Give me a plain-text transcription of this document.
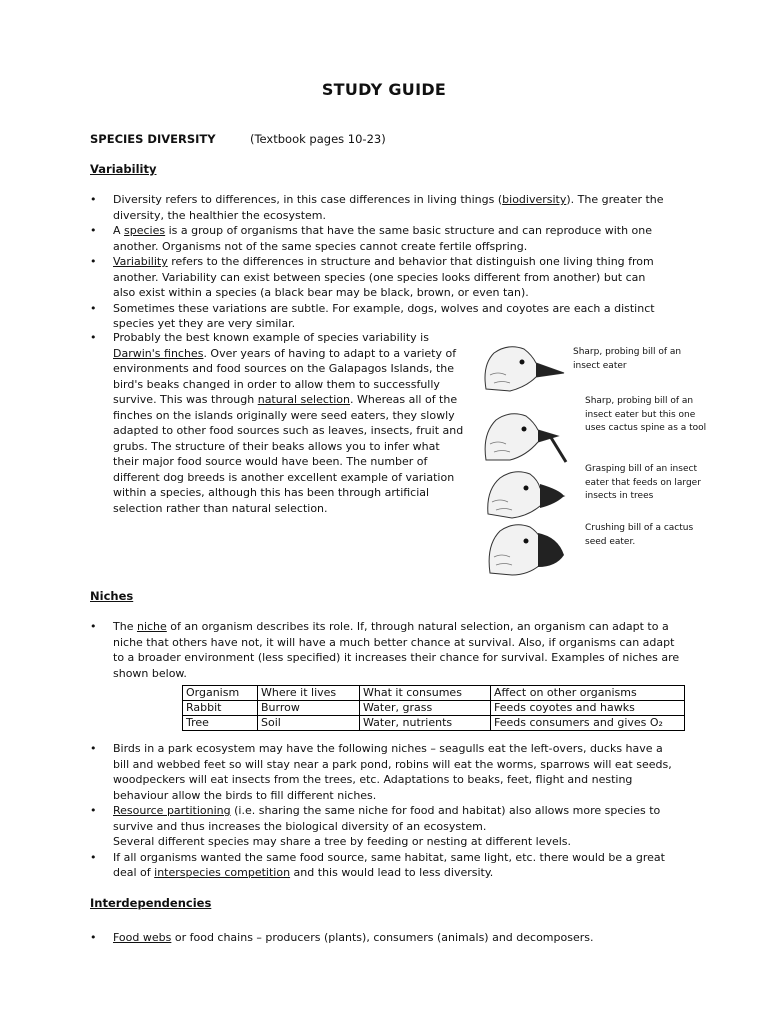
STUDY GUIDE
SPECIES DIVERSITY	(Textbook pages 10-23)
Variability
• Diversity refers to differences, in this case differences in living things (biodiversity). The greater the diversity, the healthier the ecosystem.
• A species is a group of organisms that have the same basic structure and can reproduce with one another. Organisms not of the same species cannot create fertile offspring.
• Variability refers to the differences in structure and behavior that distinguish one living thing from another. Variability can exist between species (one species looks different from another) but can also exist within a species (a black bear may be black, brown, or even tan).
• Sometimes these variations are subtle. For example, dogs, wolves and coyotes are each a distinct species yet they are very similar.
• Probably the best known example of species variability is Darwin's finches. Over years of having to adapt to a variety of environments and food sources on the Galapagos Islands, the bird's beaks changed in order to allow them to successfully survive. This was through natural selection. Whereas all of the finches on the islands originally were seed eaters, they slowly adapted to other food sources such as leaves, insects, fruit and grubs. The structure of their beaks allows you to infer what their major food source would have been. The number of different dog breeds is another excellent example of variation within a species, although this has been through artificial selection rather than natural selection.
Sharp, probing bill of an insect eater
Sharp, probing bill of an insect eater but this one uses cactus spine as a tool
Grasping bill of an insect eater that feeds on larger insects in trees
Crushing bill of a cactus seed eater.
Niches
• The niche of an organism describes its role. If, through natural selection, an organism can adapt to a niche that others have not, it will have a much better chance at survival. Also, if organisms can adapt to a broader environment (less specified) it increases their chance for survival. Examples of niches are shown below.
Organism	Where it lives	What it consumes	Affect on other organisms
Rabbit	Burrow	Water, grass	Feeds coyotes and hawks
Tree	Soil	Water, nutrients	Feeds consumers and gives O₂
• Birds in a park ecosystem may have the following niches – seagulls eat the left-overs, ducks have a bill and webbed feet so will stay near a park pond, robins will eat the worms, sparrows will eat seeds, woodpeckers will eat insects from the trees, etc. Adaptations to beaks, feet, flight and nesting behaviour allow the birds to fill different niches.
• Resource partitioning (i.e. sharing the same niche for food and habitat) also allows more species to survive and thus increases the biological diversity of an ecosystem.
Several different species may share a tree by feeding or nesting at different levels.
• If all organisms wanted the same food source, same habitat, same light, etc. there would be a great deal of interspecies competition and this would lead to less diversity.
Interdependencies
• Food webs or food chains – producers (plants), consumers (animals) and decomposers.
